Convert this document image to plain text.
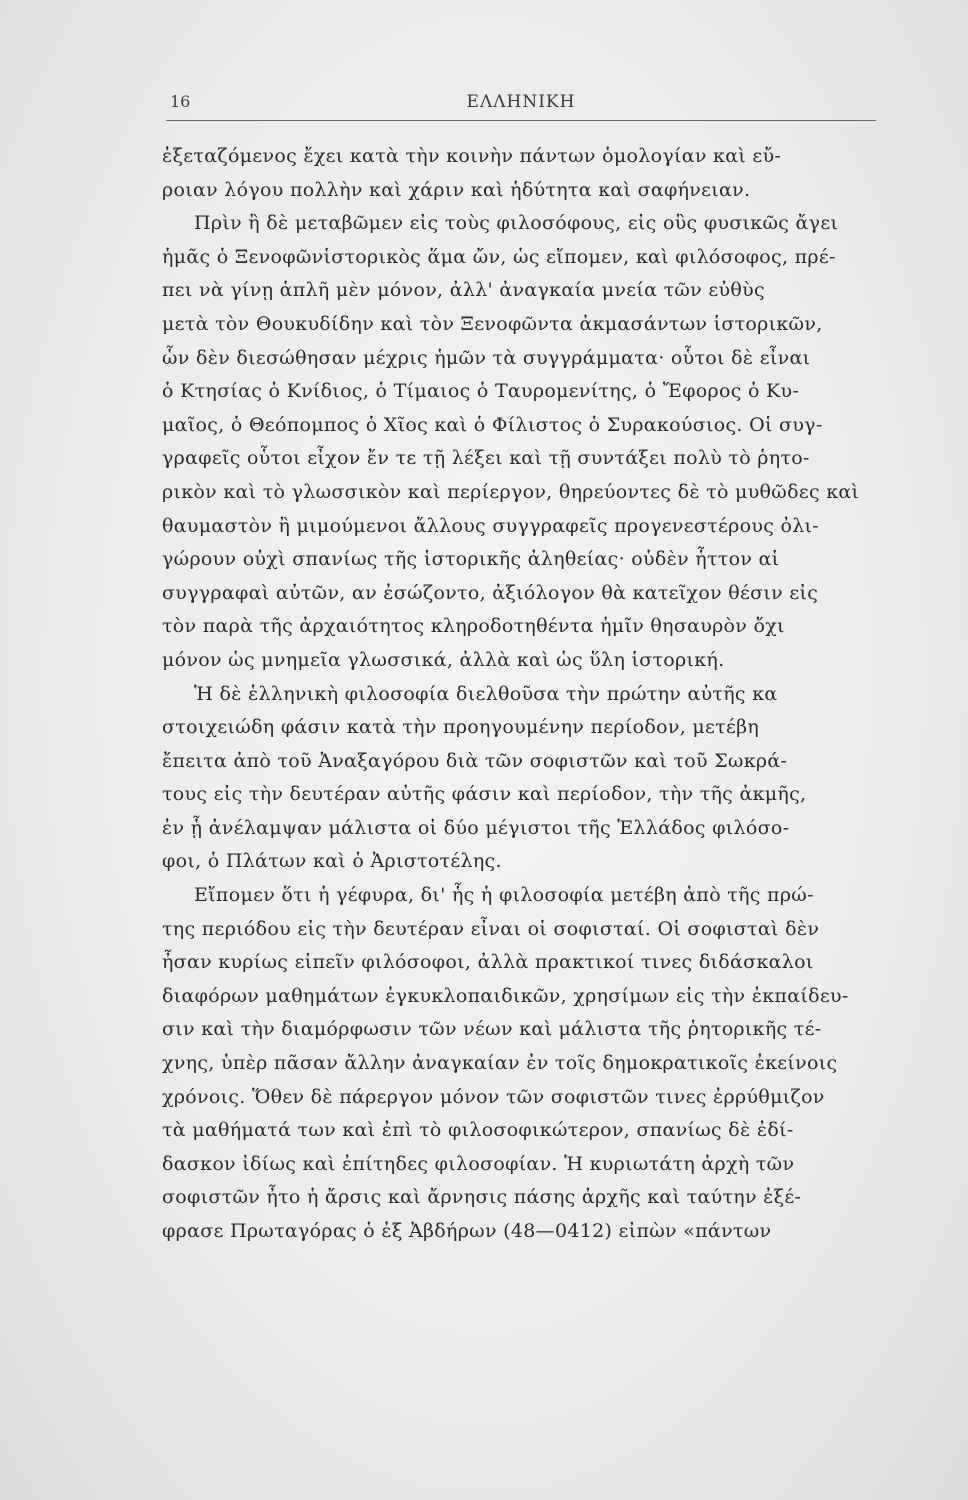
16	ΕΛΛΗΝΙΚΗ
ἐξεταζόμενος ἔχει κατὰ τὴν κοινὴν πάντων ὁμολογίαν καὶ εὔ-
ροιαν λόγου πολλὴν καὶ χάριν καὶ ἡδύτητα καὶ σαφήνειαν.
Πρὶν ἢ δὲ μεταβῶμεν εἰς τοὺς φιλοσόφους, εἰς οὓς φυσικῶς ἄγει
ἡμᾶς ὁ Ξενοφῶνἱστορικὸς ἅμα ὤν, ὡς εἴπομεν, καὶ φιλόσοφος, πρέ-
πει νὰ γίνῃ ἁπλῆ μὲν μόνον, ἀλλ' ἀναγκαία μνεία τῶν εὐθὺς
μετὰ τὸν Θουκυδίδην καὶ τὸν Ξενοφῶντα ἀκμασάντων ἱστορικῶν,
ὧν δὲν διεσώθησαν μέχρις ἡμῶν τὰ συγγράμματα· οὗτοι δὲ εἶναι
ὁ Κτησίας ὁ Κνίδιος, ὁ Τίμαιος ὁ Ταυρομενίτης, ὁ Ἔφορος ὁ Κυ-
μαῖος, ὁ Θεόπομπος ὁ Χῖος καὶ ὁ Φίλιστος ὁ Συρακούσιος. Οἱ συγ-
γραφεῖς οὗτοι εἶχον ἔν τε τῇ λέξει καὶ τῇ συντάξει πολὺ τὸ ῥητο-
ρικὸν καὶ τὸ γλωσσικὸν καὶ περίεργον, θηρεύοντες δὲ τὸ μυθῶδες καὶ
θαυμαστὸν ἢ μιμούμενοι ἄλλους συγγραφεῖς προγενεστέρους ὀλι-
γώρουν οὐχὶ σπανίως τῆς ἱστορικῆς ἀληθείας· οὐδὲν ἧττον αἱ
συγγραφαὶ αὐτῶν, αν ἐσώζοντο, ἀξιόλογον θὰ κατεῖχον θέσιν εἰς
τὸν παρὰ τῆς ἀρχαιότητος κληροδοτηθέντα ἡμῖν θησαυρὸν ὄχι
μόνον ὡς μνημεῖα γλωσσικά, ἀλλὰ καὶ ὡς ὕλη ἱστορική.
Ἡ δὲ ἑλληνικὴ φιλοσοφία διελθοῦσα τὴν πρώτην αὐτῆς κα
στοιχειώδη φάσιν κατὰ τὴν προηγουμένην περίοδον, μετέβη
ἔπειτα ἀπὸ τοῦ Ἀναξαγόρου διὰ τῶν σοφιστῶν καὶ τοῦ Σωκρά-
τους εἰς τὴν δευτέραν αὐτῆς φάσιν καὶ περίοδον, τὴν τῆς ἀκμῆς,
ἐν ᾗ ἀνέλαμψαν μάλιστα οἱ δύο μέγιστοι τῆς Ἑλλάδος φιλόσο-
φοι, ὁ Πλάτων καὶ ὁ Ἀριστοτέλης.
Εἴπομεν ὅτι ἡ γέφυρα, δι' ἧς ἡ φιλοσοφία μετέβη ἀπὸ τῆς πρώ-
της περιόδου εἰς τὴν δευτέραν εἶναι οἱ σοφισταί. Οἱ σοφισταὶ δὲν
ἦσαν κυρίως εἰπεῖν φιλόσοφοι, ἀλλὰ πρακτικοί τινες διδάσκαλοι
διαφόρων μαθημάτων ἐγκυκλοπαιδικῶν, χρησίμων εἰς τὴν ἐκπαίδευ-
σιν καὶ τὴν διαμόρφωσιν τῶν νέων καὶ μάλιστα τῆς ῥητορικῆς τέ-
χνης, ὑπὲρ πᾶσαν ἄλλην ἀναγκαίαν ἐν τοῖς δημοκρατικοῖς ἐκείνοις
χρόνοις. Ὅθεν δὲ πάρεργον μόνον τῶν σοφιστῶν τινες ἐρρύθμιζον
τὰ μαθήματά των καὶ ἐπὶ τὸ φιλοσοφικώτερον, σπανίως δὲ ἐδί-
δασκον ἰδίως καὶ ἐπίτηδες φιλοσοφίαν. Ἡ κυριωτάτη ἀρχὴ τῶν
σοφιστῶν ἦτο ἡ ἄρσις καὶ ἄρνησις πάσης ἀρχῆς καὶ ταύτην ἐξέ-
φρασε Πρωταγόρας ὁ ἐξ Ἀβδήρων (48—0412) εἰπὼν «πάντων
